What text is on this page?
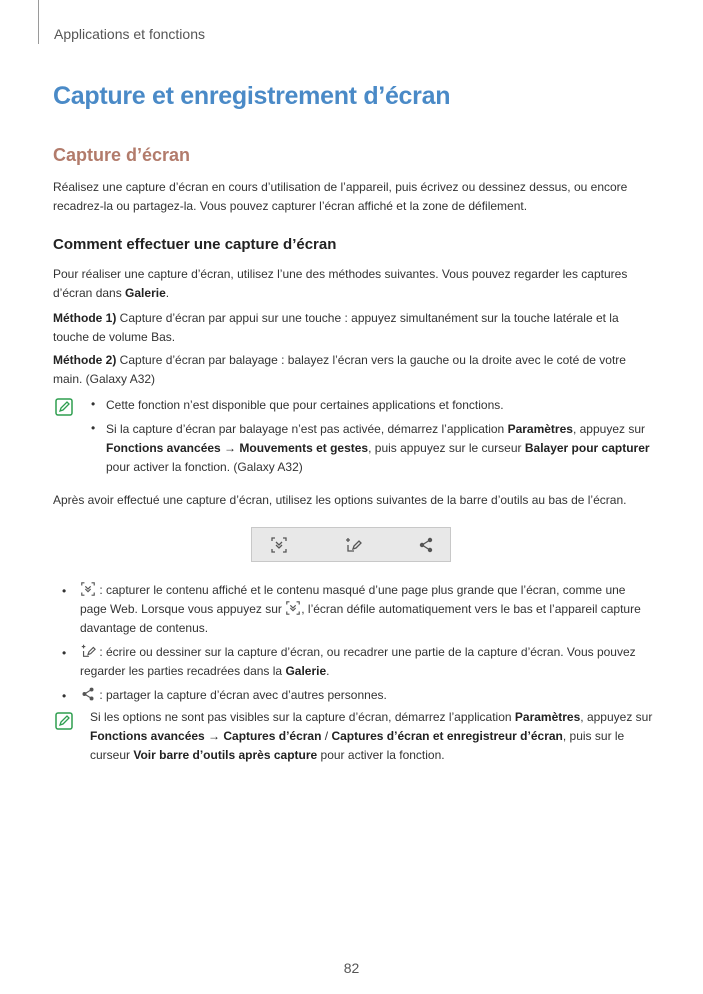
Applications et fonctions
Capture et enregistrement d’écran
Capture d’écran
Réalisez une capture d’écran en cours d’utilisation de l’appareil, puis écrivez ou dessinez dessus, ou encore recadrez-la ou partagez-la. Vous pouvez capturer l’écran affiché et la zone de défilement.
Comment effectuer une capture d’écran
Pour réaliser une capture d’écran, utilisez l’une des méthodes suivantes. Vous pouvez regarder les captures d’écran dans Galerie.
Méthode 1) Capture d’écran par appui sur une touche : appuyez simultanément sur la touche latérale et la touche de volume Bas.
Méthode 2) Capture d’écran par balayage : balayez l’écran vers la gauche ou la droite avec le coté de votre main. (Galaxy A32)
• Cette fonction n’est disponible que pour certaines applications et fonctions.
• Si la capture d’écran par balayage n’est pas activée, démarrez l’application Paramètres, appuyez sur Fonctions avancées → Mouvements et gestes, puis appuyez sur le curseur Balayer pour capturer pour activer la fonction. (Galaxy A32)
Après avoir effectué une capture d’écran, utilisez les options suivantes de la barre d’outils au bas de l’écran.
•	: capturer le contenu affiché et le contenu masqué d’une page plus grande que l’écran, comme une page Web. Lorsque vous appuyez sur , l’écran défile automatiquement vers le bas et l’appareil capture davantage de contenus.
•	: écrire ou dessiner sur la capture d’écran, ou recadrer une partie de la capture d’écran. Vous pouvez regarder les parties recadrées dans la Galerie.
•	: partager la capture d’écran avec d’autres personnes.
Si les options ne sont pas visibles sur la capture d’écran, démarrez l’application Paramètres, appuyez sur Fonctions avancées → Captures d’écran / Captures d’écran et enregistreur d’écran, puis sur le curseur Voir barre d’outils après capture pour activer la fonction.
82
